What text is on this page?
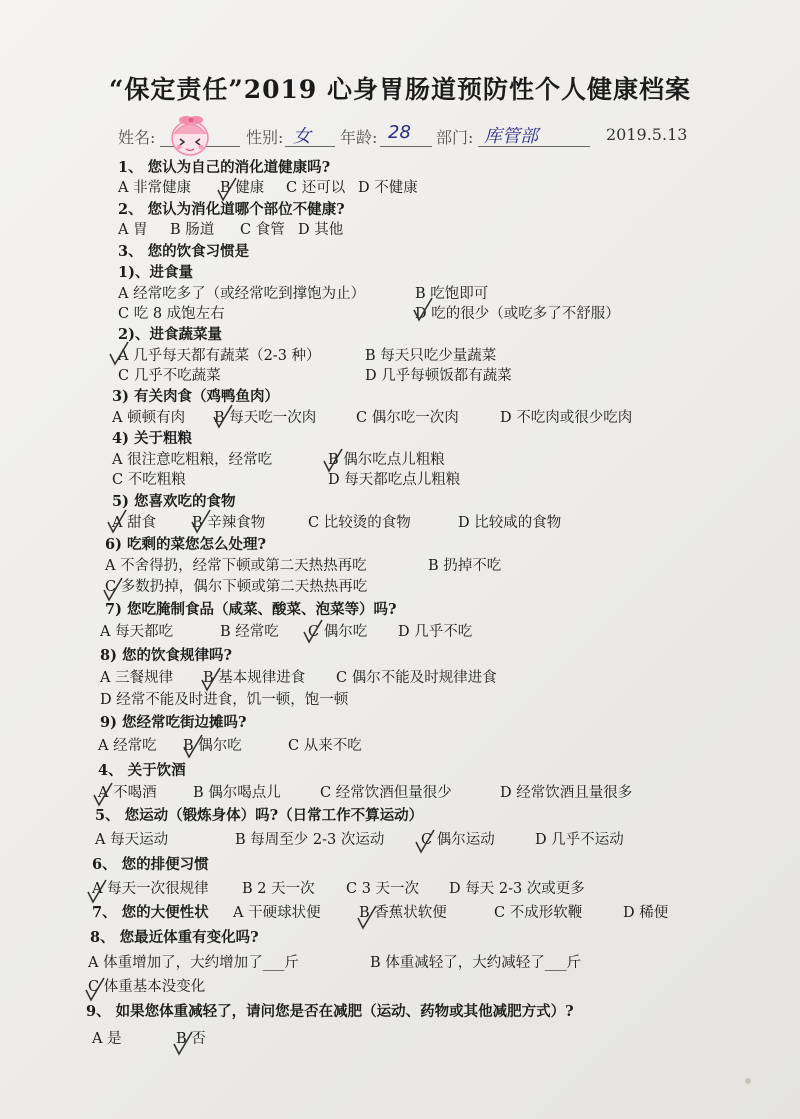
“保定责任”2019 心身胃肠道预防性个人健康档案
姓名:	性别: 女 年龄: 28 部门: 库管部	2019.5.13
1、 您认为自己的消化道健康吗?
A 非常健康 B 健康 C 还可以 D 不健康
2、 您认为消化道哪个部位不健康?
A 胃 B 肠道 C 食管 D 其他
3、 您的饮食习惯是
1)、进食量
A 经常吃多了（或经常吃到撑饱为止）	B 吃饱即可
C 吃 8 成饱左右	D 吃的很少（或吃多了不舒服）
2)、进食蔬菜量
A 几乎每天都有蔬菜（2-3 种）	B 每天只吃少量蔬菜
C 几乎不吃蔬菜	D 几乎每顿饭都有蔬菜
3) 有关肉食（鸡鸭鱼肉）
A 顿顿有肉 B 每天吃一次肉	C 偶尔吃一次肉	D 不吃肉或很少吃肉
4) 关于粗粮
A 很注意吃粗粮，经常吃	B 偶尔吃点儿粗粮
C 不吃粗粮	D 每天都吃点儿粗粮
5) 您喜欢吃的食物
A 甜食 B 辛辣食物	C 比较烫的食物	D 比较咸的食物
6) 吃剩的菜您怎么处理?
A 不舍得扔，经常下顿或第二天热热再吃	B 扔掉不吃
C 多数扔掉，偶尔下顿或第二天热热再吃
7) 您吃腌制食品（咸菜、酸菜、泡菜等）吗?
A 每天都吃	B 经常吃 C 偶尔吃 D 几乎不吃
8) 您的饮食规律吗?
A 三餐规律 B 基本规律进食 C 偶尔不能及时规律进食
D 经常不能及时进食，饥一顿，饱一顿
9) 您经常吃街边摊吗?
A 经常吃 B 偶尔吃	C 从来不吃
4、 关于饮酒
A 不喝酒	B 偶尔喝点儿	C 经常饮酒但量很少	D 经常饮酒且量很多
5、 您运动（锻炼身体）吗?（日常工作不算运动）
A 每天运动	B 每周至少 2-3 次运动	C 偶尔运动	D 几乎不运动
6、 您的排便习惯
A 每天一次很规律 B 2 天一次 C 3 天一次 D 每天 2-3 次或更多
7、 您的大便性状 A 干硬球状便	B 香蕉状软便	C 不成形软鞭	D 稀便
8、 您最近体重有变化吗?
A 体重增加了，大约增加了___斤	B 体重减轻了，大约减轻了___斤
C 体重基本没变化
9、 如果您体重减轻了，请问您是否在减肥（运动、药物或其他减肥方式）?
A 是	B 否
